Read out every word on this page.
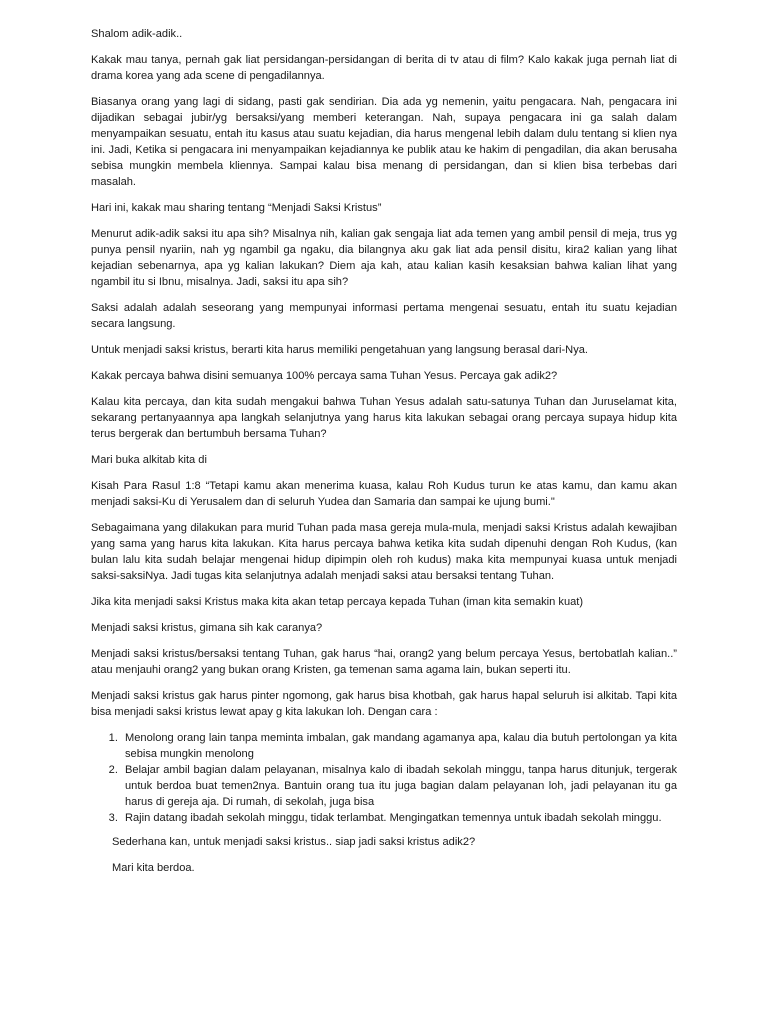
Shalom adik-adik..

Kakak mau tanya, pernah gak liat persidangan-persidangan di berita di tv atau di film? Kalo kakak juga pernah liat di drama korea yang ada scene di pengadilannya.

Biasanya orang yang lagi di sidang, pasti gak sendirian. Dia ada yg nemenin, yaitu pengacara. Nah, pengacara ini dijadikan sebagai jubir/yg bersaksi/yang memberi keterangan. Nah, supaya pengacara ini ga salah dalam menyampaikan sesuatu, entah itu kasus atau suatu kejadian, dia harus mengenal lebih dalam dulu tentang si klien nya ini. Jadi, Ketika si pengacara ini menyampaikan kejadiannya ke publik atau ke hakim di pengadilan, dia akan berusaha sebisa mungkin membela kliennya. Sampai kalau bisa menang di persidangan, dan si klien bisa terbebas dari masalah.

Hari ini, kakak mau sharing tentang “Menjadi Saksi Kristus”

Menurut adik-adik saksi itu apa sih? Misalnya nih, kalian gak sengaja liat ada temen yang ambil pensil di meja, trus yg punya pensil nyariin, nah yg ngambil ga ngaku, dia bilangnya aku gak liat ada pensil disitu, kira2 kalian yang lihat kejadian sebenarnya, apa yg kalian lakukan? Diem aja kah, atau kalian kasih kesaksian bahwa kalian lihat yang ngambil itu si Ibnu, misalnya. Jadi, saksi itu apa sih?

Saksi adalah adalah seseorang yang mempunyai informasi pertama mengenai sesuatu, entah itu suatu kejadian secara langsung.

Untuk menjadi saksi kristus, berarti kita harus memiliki pengetahuan yang langsung berasal dari-Nya.

Kakak percaya bahwa disini semuanya 100% percaya sama Tuhan Yesus. Percaya gak adik2?

Kalau kita percaya, dan kita sudah mengakui bahwa Tuhan Yesus adalah satu-satunya Tuhan dan Juruselamat kita, sekarang pertanyaannya apa langkah selanjutnya yang harus kita lakukan sebagai orang percaya supaya hidup kita terus bergerak dan bertumbuh bersama Tuhan?

Mari buka alkitab kita di

Kisah Para Rasul 1:8 “Tetapi kamu akan menerima kuasa, kalau Roh Kudus turun ke atas kamu, dan kamu akan menjadi saksi-Ku di Yerusalem dan di seluruh Yudea dan Samaria dan sampai ke ujung bumi."

Sebagaimana yang dilakukan para murid Tuhan pada masa gereja mula-mula, menjadi saksi Kristus adalah kewajiban yang sama yang harus kita lakukan. Kita harus percaya bahwa ketika kita sudah dipenuhi dengan Roh Kudus, (kan bulan lalu kita sudah belajar mengenai hidup dipimpin oleh roh kudus) maka kita mempunyai kuasa untuk menjadi saksi-saksiNya. Jadi tugas kita selanjutnya adalah menjadi saksi atau bersaksi tentang Tuhan.

Jika kita menjadi saksi Kristus maka kita akan tetap percaya kepada Tuhan (iman kita semakin kuat)

Menjadi saksi kristus, gimana sih kak caranya?

Menjadi saksi kristus/bersaksi tentang Tuhan, gak harus “hai, orang2 yang belum percaya Yesus, bertobatlah kalian..” atau menjauhi orang2 yang bukan orang Kristen, ga temenan sama agama lain, bukan seperti itu.

Menjadi saksi kristus gak harus pinter ngomong, gak harus bisa khotbah, gak harus hapal seluruh isi alkitab. Tapi kita bisa menjadi saksi kristus lewat apay g kita lakukan loh. Dengan cara :

1. Menolong orang lain tanpa meminta imbalan, gak mandang agamanya apa, kalau dia butuh pertolongan ya kita sebisa mungkin menolong
2. Belajar ambil bagian dalam pelayanan, misalnya kalo di ibadah sekolah minggu, tanpa harus ditunjuk, tergerak untuk berdoa buat temen2nya. Bantuin orang tua itu juga bagian dalam pelayanan loh, jadi pelayanan itu ga harus di gereja aja. Di rumah, di sekolah, juga bisa
3. Rajin datang ibadah sekolah minggu, tidak terlambat. Mengingatkan temennya untuk ibadah sekolah minggu.

Sederhana kan, untuk menjadi saksi kristus.. siap jadi saksi kristus adik2?

Mari kita berdoa.
